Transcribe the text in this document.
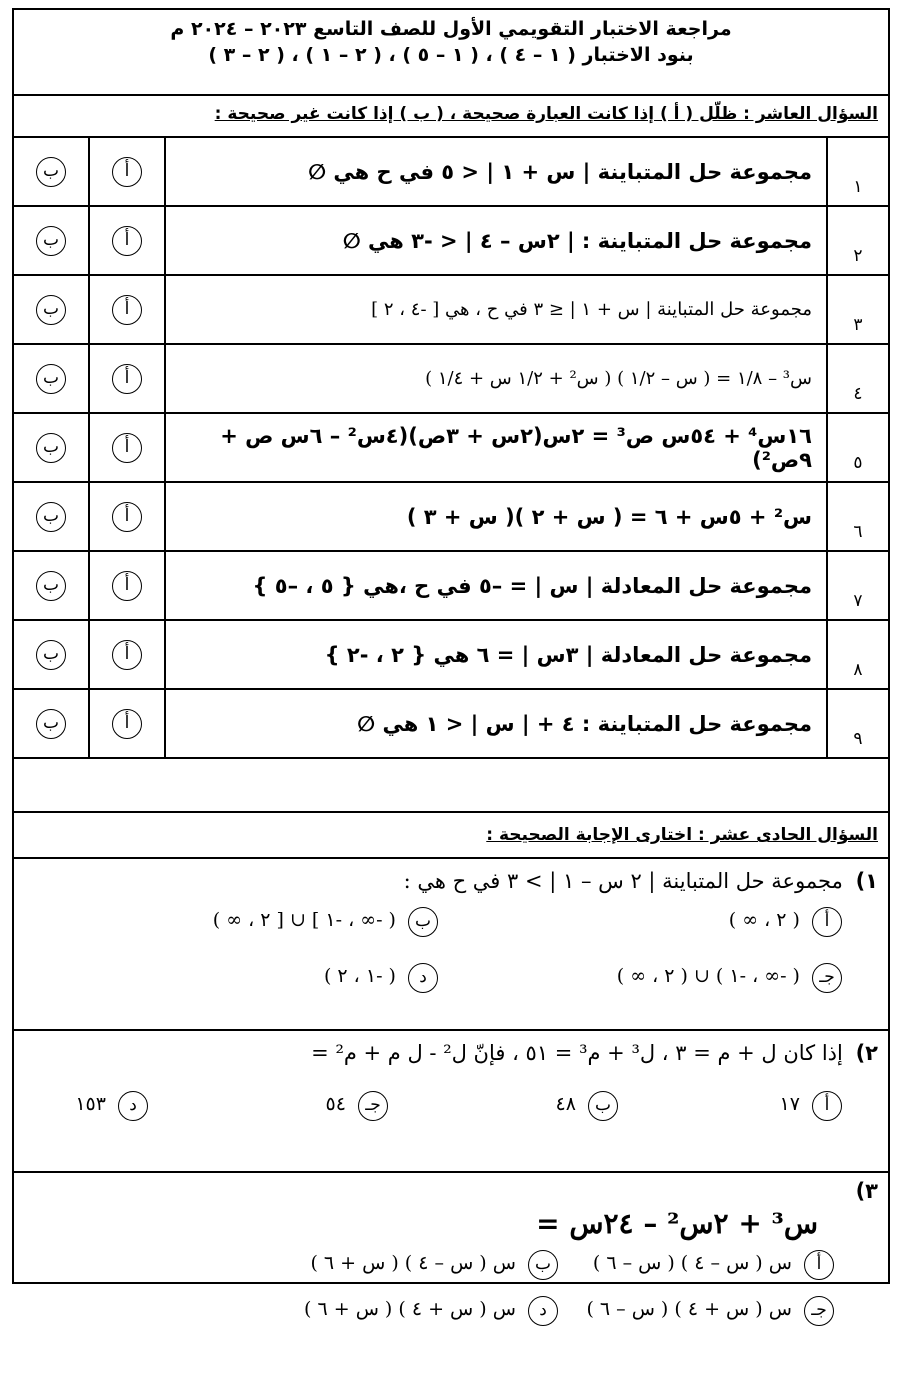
مراجعة الاختبار التقويمي الأول للصف التاسع ٢٠٢٣ – ٢٠٢٤ م
بنود الاختبار ( ١ – ٤ ) ، ( ١ – ٥ ) ، ( ٢ – ١ ) ، ( ٢ – ٣ )
السؤال العاشر : ظلّل ( أ ) إذا كانت العبارة صحيحة ، ( ب ) إذا كانت غير صحيحة :
١	مجموعة حل المتباينة | س + ١ | < ٥ في ح هي ∅	أ	ب
٢	مجموعة حل المتباينة : | ٢س – ٤ | < -٣ هي ∅	أ	ب
٣	مجموعة حل المتباينة | س + ١ | ≤ ٣ في ح ، هي [ -٤ ، ٢ ]	أ	ب
٤	س³ – ١/٨ = ( س – ١/٢ ) ( س² + ١/٢ س + ١/٤ )	أ	ب
٥	١٦س⁴ + ٥٤س ص³ = ٢س(٢س + ٣ص)(٤س² – ٦س ص + ٩ص²)	أ	ب
٦	س² + ٥س + ٦ = ( س + ٢ )( س + ٣ )	أ	ب
٧	مجموعة حل المعادلة | س | = –٥ في ح ،هي { ٥ ، –٥ }	أ	ب
٨	مجموعة حل المعادلة | ٣س | = ٦ هي { ٢ ، -٢ }	أ	ب
٩	مجموعة حل المتباينة : ٤ + | س | < ١ هي ∅	أ	ب
السؤال الحادى عشر : اختارى الإجابة الصحيحة :
١) مجموعة حل المتباينة | ٢ س – ١ | > ٣ في ح هي :
أ ( ٢ ، ∞ )
ب ( -∞ ، -١ ] ∪ [ ٢ ، ∞ )
جـ ( -∞ ، -١ ) ∪ ( ٢ ، ∞ )
د ( -١ ، ٢ )
٢) إذا كان ل + م = ٣ ، ل³ + م³ = ٥١ ، فإنّ ل² - ل م + م² =
أ ١٧
ب ٤٨
جـ ٥٤
د ١٥٣
٣)
س³ + ٢س² – ٢٤س =
أ س ( س – ٤ ) ( س – ٦ )
ب س ( س – ٤ ) ( س + ٦ )
جـ س ( س + ٤ ) ( س – ٦ )
د س ( س + ٤ ) ( س + ٦ )
